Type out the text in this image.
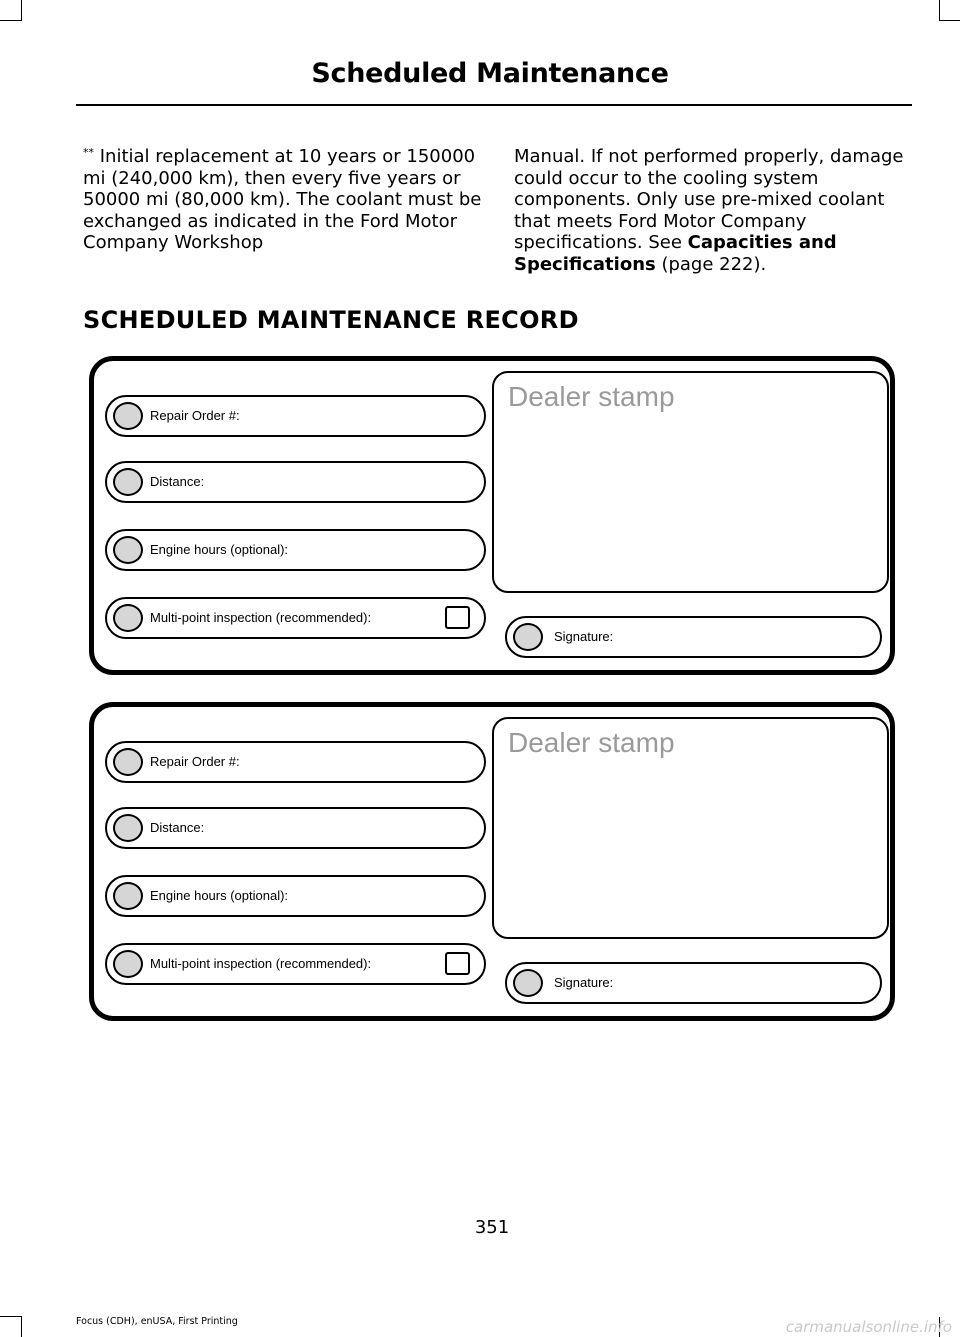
Scheduled Maintenance
** Initial replacement at 10 years or 150000 mi (240,000 km), then every five years or 50000 mi (80,000 km). The coolant must be exchanged as indicated in the Ford Motor Company Workshop
Manual. If not performed properly, damage could occur to the cooling system components. Only use pre-mixed coolant that meets Ford Motor Company specifications. See Capacities and Specifications (page 222).
SCHEDULED MAINTENANCE RECORD
Repair Order #:
Distance:
Engine hours (optional):
Multi-point inspection (recommended):
Dealer stamp
Signature:
Repair Order #:
Distance:
Engine hours (optional):
Multi-point inspection (recommended):
Dealer stamp
Signature:
351
Focus (CDH), enUSA, First Printing	carmanualsonline.info
